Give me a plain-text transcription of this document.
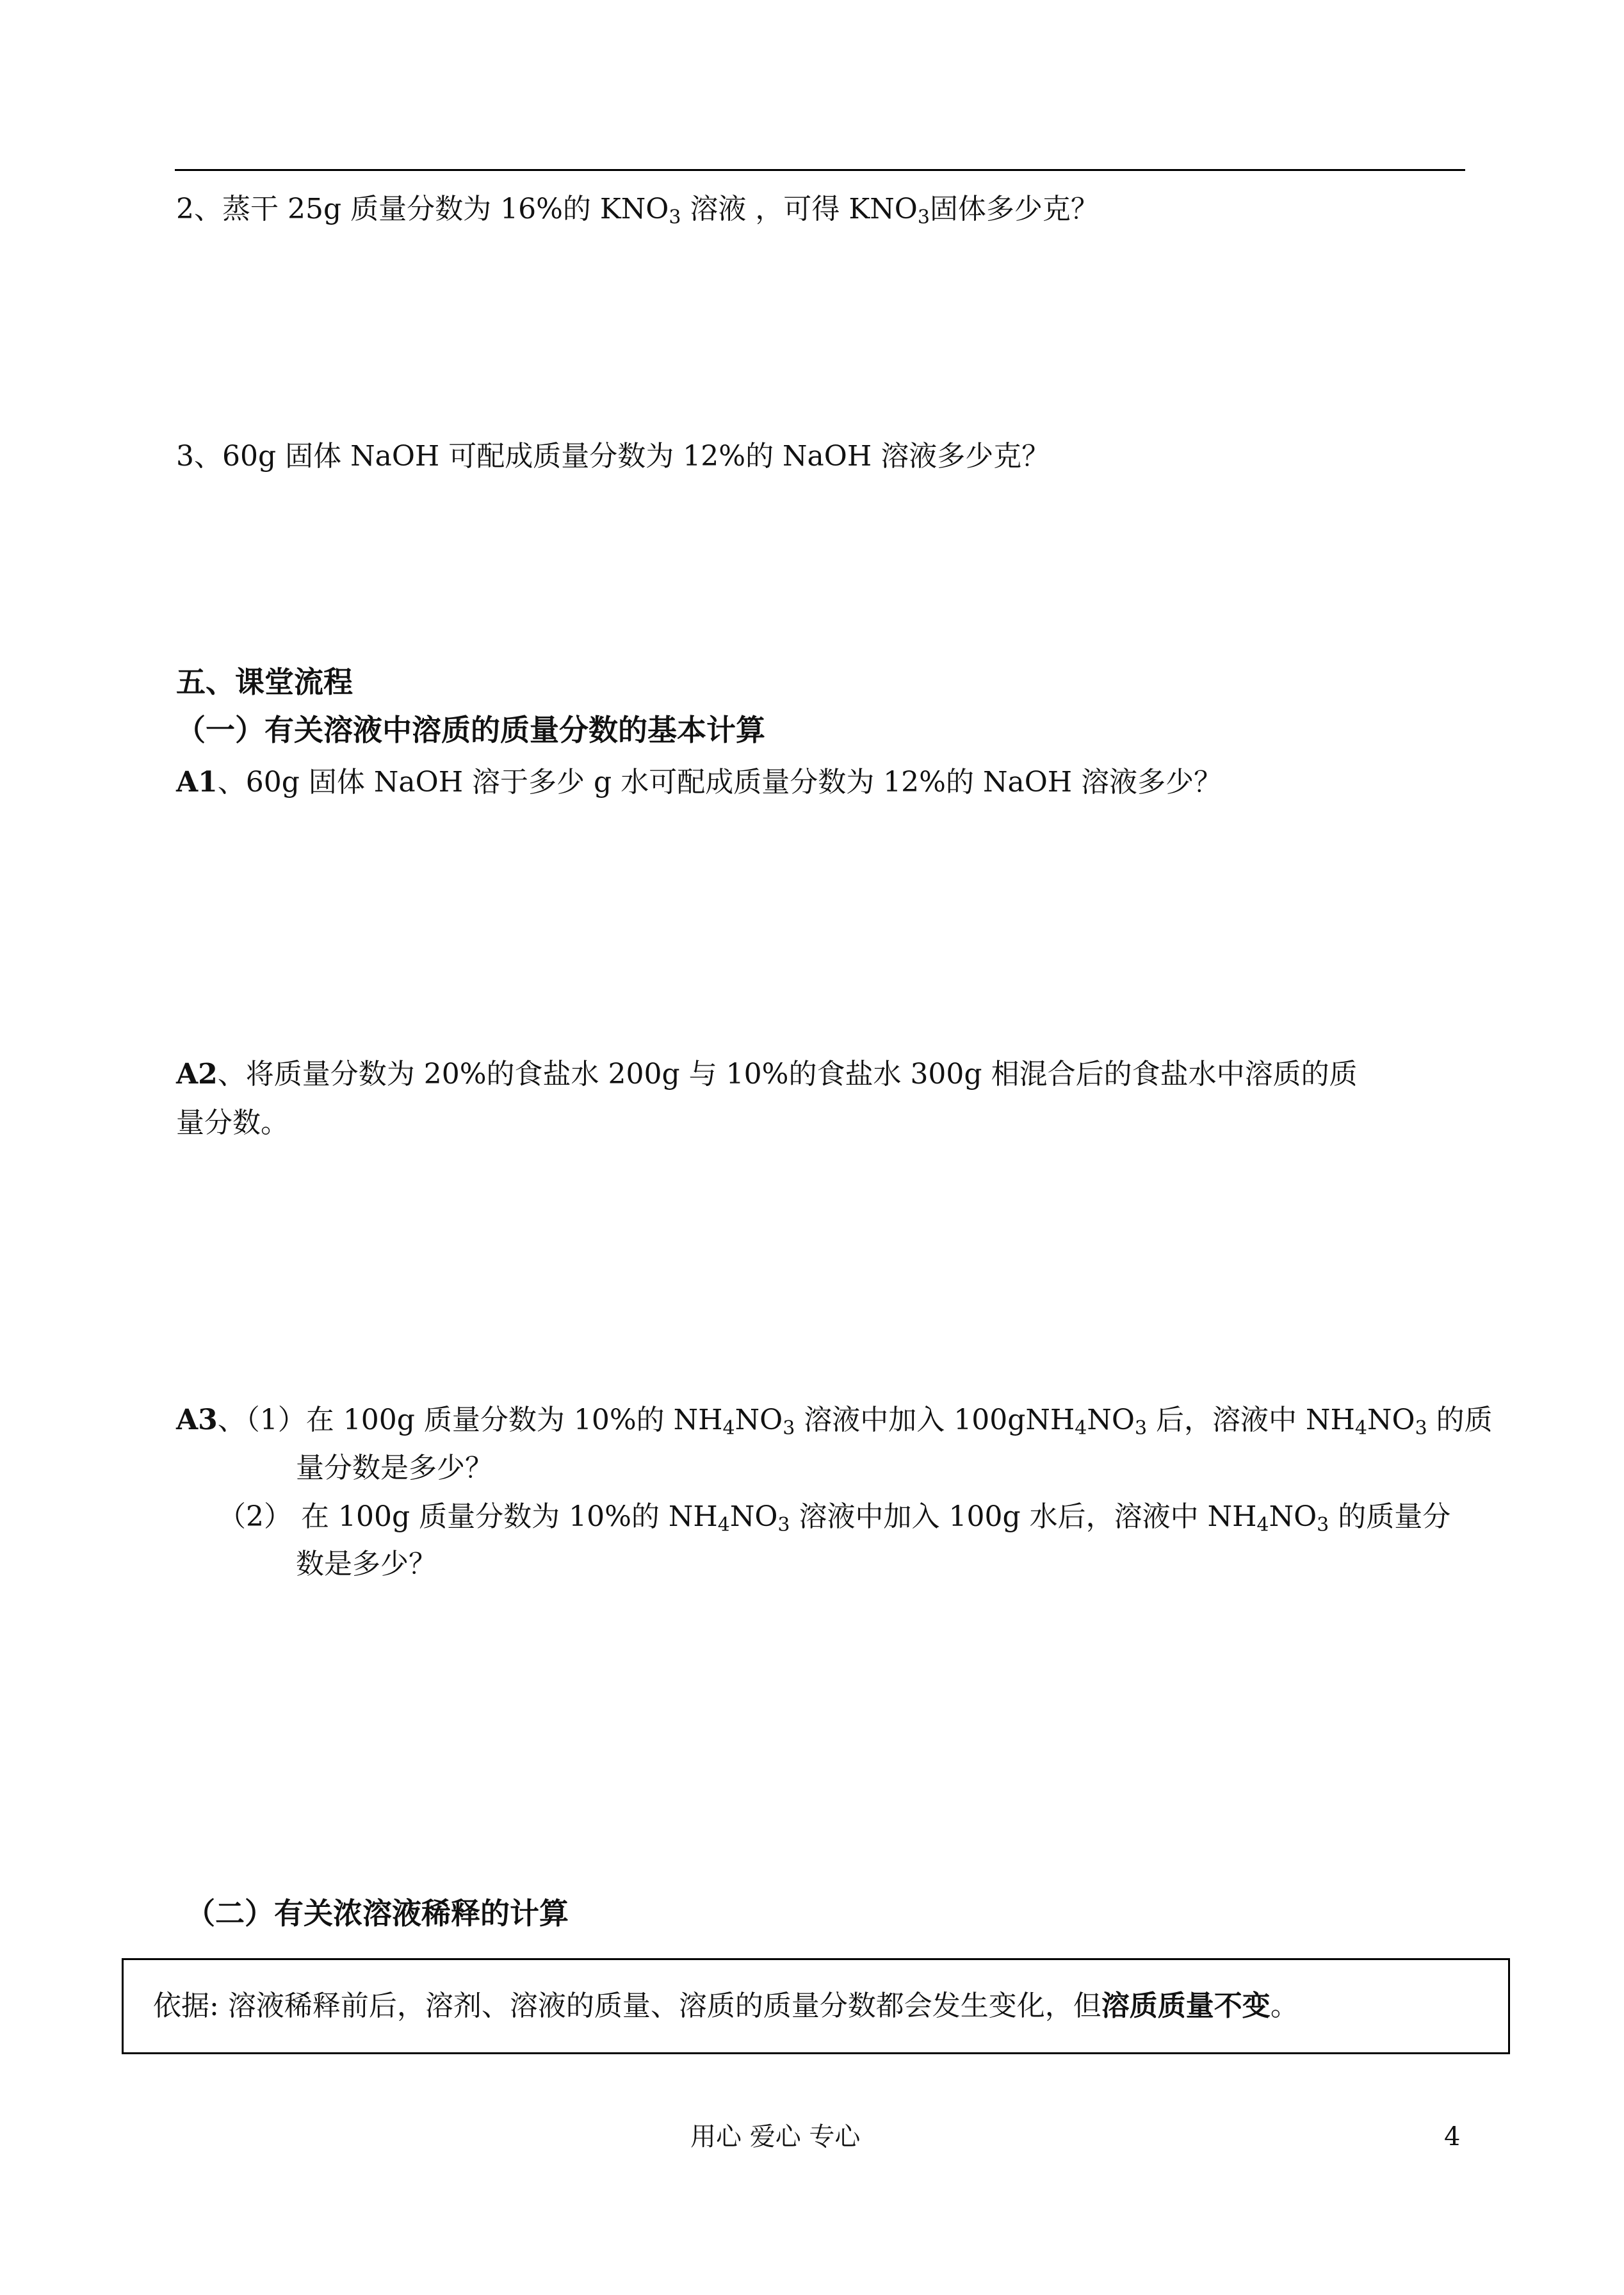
2、蒸干 25g 质量分数为 16%的 $KNO_3$ 溶液 ，可得 $KNO_3$固体多少克？
3、60g 固体 NaOH 可配成质量分数为 12%的 NaOH 溶液多少克？
五、课堂流程
（一）有关溶液中溶质的质量分数的基本计算
A1、60g 固体 NaOH 溶于多少 g 水可配成质量分数为 12%的 NaOH 溶液多少？
A2、将质量分数为 20%的食盐水 200g 与 10%的食盐水 300g 相混合后的食盐水中溶质的质
量分数。
A3、（1）在 100g 质量分数为 10%的 $NH_4NO_3$ 溶液中加入 $100gNH_4NO_3$ 后，溶液中 $NH_4NO_3$ 的质
量分数是多少？
（2） 在 100g 质量分数为 10%的 $NH_4NO_3$ 溶液中加入 100g 水后，溶液中 $NH_4NO_3$ 的质量分
数是多少？
（二）有关浓溶液稀释的计算
依据: 溶液稀释前后，溶剂、溶液的质量、溶质的质量分数都会发生变化，但溶质质量不变。
用心 爱心 专心	4
